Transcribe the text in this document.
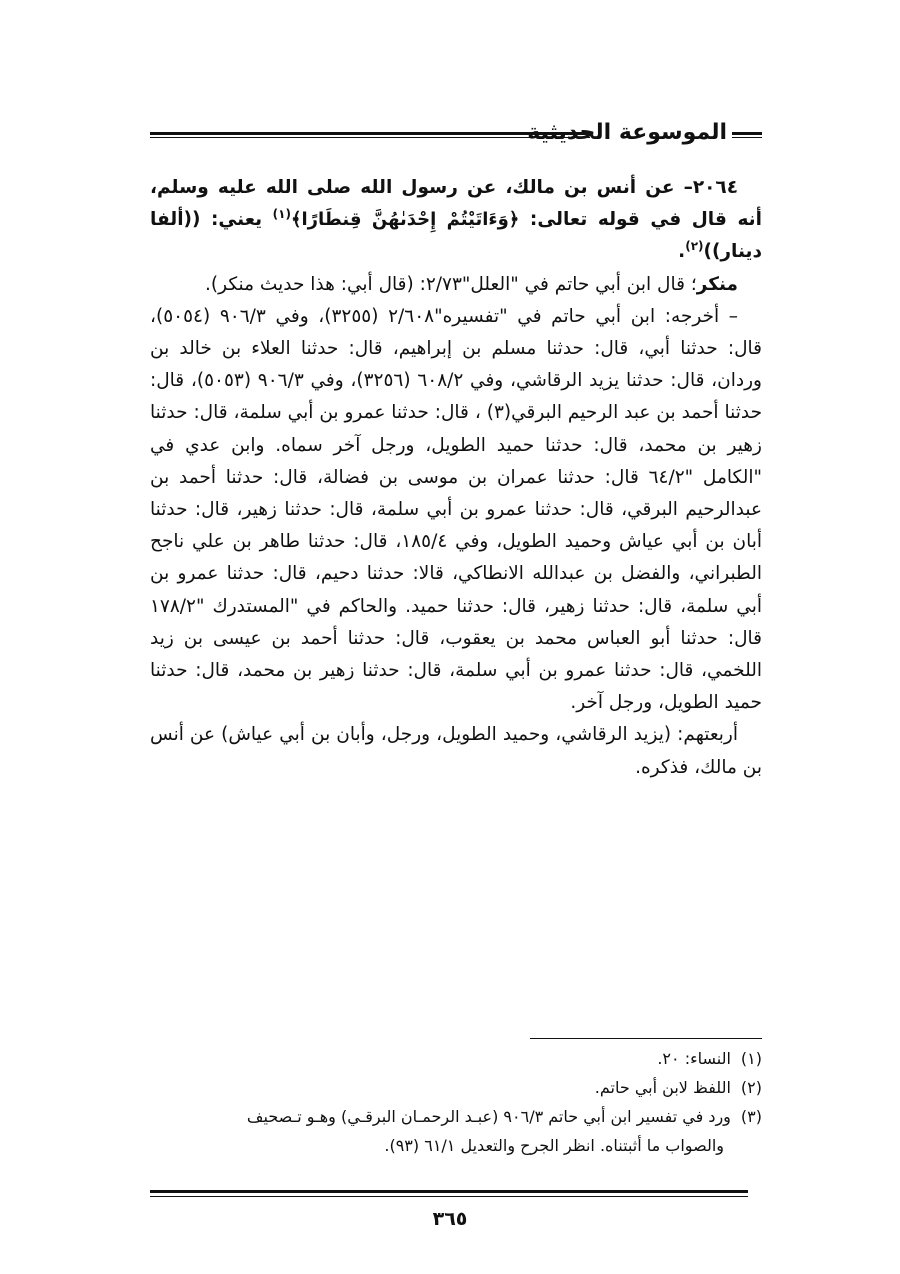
الموسوعة الحديثية

٢٠٦٤– عن أنس بن مالك، عن رسول الله صلى الله عليه وسلم، أنه قال في قوله تعالى: ﴿وَءَاتَيْتُمْ إِحْدَىٰهُنَّ قِنطَارًا﴾$^{(١)}$ يعني: ((ألفا دينار))$^{(٢)}$.

منكر؛ قال ابن أبي حاتم في "العلل"٢/٧٣: (قال أبي: هذا حديث منكر).

– أخرجه: ابن أبي حاتم في "تفسيره"٢/٦٠٨ (٣٢٥٥)، وفي ٩٠٦/٣ (٥٠٥٤)، قال: حدثنا أبي، قال: حدثنا مسلم بن إبراهيم، قال: حدثنا العلاء بن خالد بن وردان، قال: حدثنا يزيد الرقاشي، وفي ٦٠٨/٢ (٣٢٥٦)، وفي ٩٠٦/٣ (٥٠٥٣)، قال: حدثنا أحمد بن عبد الرحيم البرقي(٣) ، قال: حدثنا عمرو بن أبي سلمة، قال: حدثنا زهير بن محمد، قال: حدثنا حميد الطويل، ورجل آخر سماه. وابن عدي في "الكامل "٦٤/٢ قال: حدثنا عمران بن موسى بن فضالة، قال: حدثنا أحمد بن عبدالرحيم البرقي، قال: حدثنا عمرو بن أبي سلمة، قال: حدثنا زهير، قال: حدثنا أبان بن أبي عياش وحميد الطويل، وفي ١٨٥/٤، قال: حدثنا طاهر بن علي ناجح الطبراني، والفضل بن عبدالله الانطاكي، قالا: حدثنا دحيم، قال: حدثنا عمرو بن أبي سلمة، قال: حدثنا زهير، قال: حدثنا حميد. والحاكم في "المستدرك "١٧٨/٢ قال: حدثنا أبو العباس محمد بن يعقوب، قال: حدثنا أحمد بن عيسى بن زيد اللخمي، قال: حدثنا عمرو بن أبي سلمة، قال: حدثنا زهير بن محمد، قال: حدثنا حميد الطويل، ورجل آخر.

أربعتهم: (يزيد الرقاشي، وحميد الطويل، ورجل، وأبان بن أبي عياش) عن أنس بن مالك، فذكره.

(١)النساء: ٢٠.

(٢)اللفظ لابن أبي حاتم.

(٣)ورد في تفسير ابن أبي حاتم ٩٠٦/٣ (عبـد الرحمـان البرقـي) وهـو تـصحيف

والصواب ما أثبتناه. انظر الجرح والتعديل ٦١/١ (٩٣).

٣٦٥
